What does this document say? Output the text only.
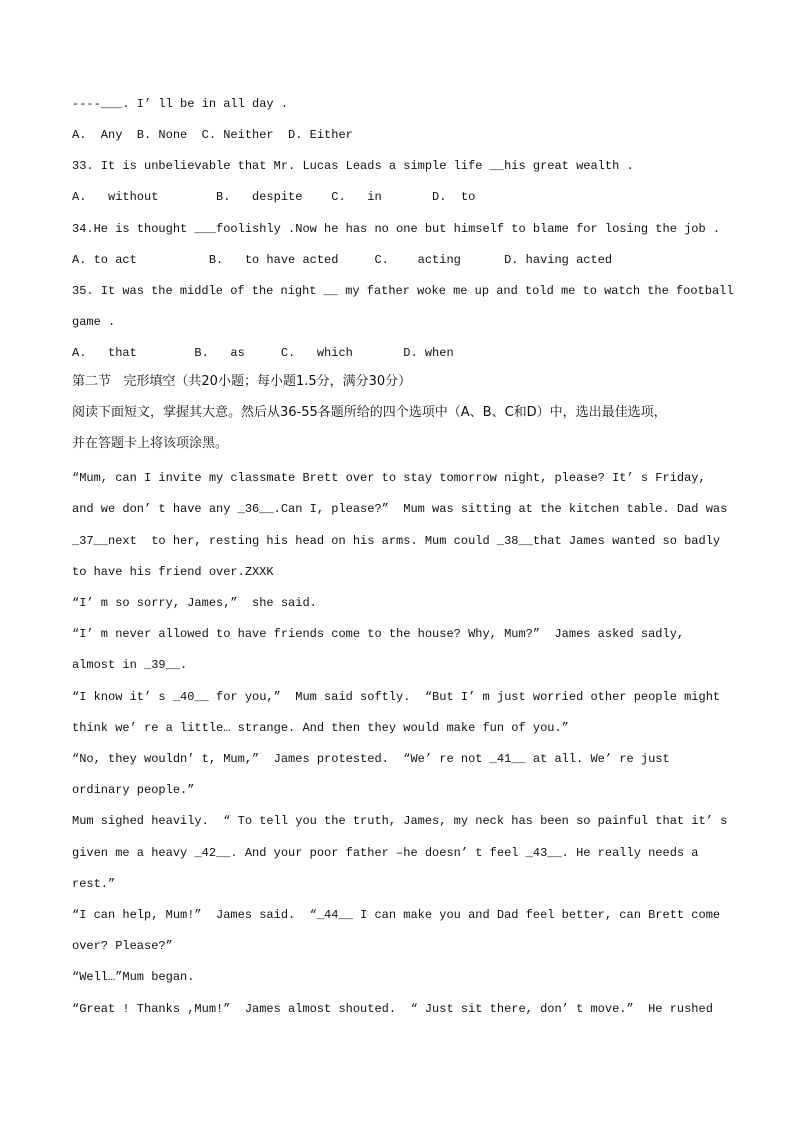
----___. I’ ll be in all day .
A.  Any  B. None  C. Neither  D. Either
33. It is unbelievable that Mr. Lucas Leads a simple life __his great wealth .
A.   without        B.   despite    C.   in       D.  to
34.He is thought ___foolishly .Now he has no one but himself to blame for losing the job .
A. to act          B.   to have acted     C.    acting      D. having acted
35. It was the middle of the night __ my father woke me up and told me to watch the football
game .
A.   that        B.   as     C.   which       D. when
第二节   完形填空（共20小题；每小题1.5分，满分30分）
阅读下面短文，掌握其大意。然后从36-55各题所给的四个选项中（A、B、C和D）中，选出最佳选项，
并在答题卡上将该项涂黑。
“Mum, can I invite my classmate Brett over to stay tomorrow night, please? It’ s Friday,
and we don’ t have any _36__.Can I, please?”  Mum was sitting at the kitchen table. Dad was
_37__next  to her, resting his head on his arms. Mum could _38__that James wanted so badly
to have his friend over.ZXXK
“I’ m so sorry, James,”  she said.
“I’ m never allowed to have friends come to the house? Why, Mum?”  James asked sadly,
almost in _39__.
“I know it’ s _40__ for you,”  Mum said softly.  “But I’ m just worried other people might
think we’ re a little… strange. And then they would make fun of you.”
“No, they wouldn’ t, Mum,”  James protested.  “We’ re not _41__ at all. We’ re just
ordinary people.”
Mum sighed heavily.  “ To tell you the truth, James, my neck has been so painful that it’ s
given me a heavy _42__. And your poor father –he doesn’ t feel _43__. He really needs a
rest.”
“I can help, Mum!”  James said.  “_44__ I can make you and Dad feel better, can Brett come
over? Please?”
“Well…”Mum began.
“Great ! Thanks ,Mum!”  James almost shouted.  “ Just sit there, don’ t move.”  He rushed
